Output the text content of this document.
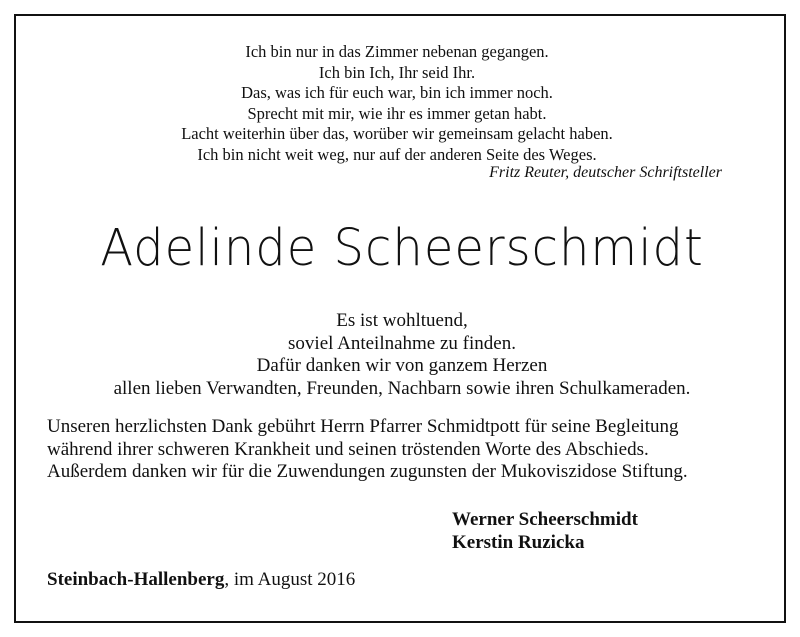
Ich bin nur in das Zimmer nebenan gegangen.
Ich bin Ich, Ihr seid Ihr.
Das, was ich für euch war, bin ich immer noch.
Sprecht mit mir, wie ihr es immer getan habt.
Lacht weiterhin über das, worüber wir gemeinsam gelacht haben.
Ich bin nicht weit weg, nur auf der anderen Seite des Weges.
Fritz Reuter, deutscher Schriftsteller
Adelinde Scheerschmidt
Es ist wohltuend,
soviel Anteilnahme zu finden.
Dafür danken wir von ganzem Herzen
allen lieben Verwandten, Freunden, Nachbarn sowie ihren Schulkameraden.
Unseren herzlichsten Dank gebührt Herrn Pfarrer Schmidtpott für seine Begleitung
während ihrer schweren Krankheit und seinen tröstenden Worte des Abschieds.
Außerdem danken wir für die Zuwendungen zugunsten der Mukoviszidose Stiftung.
Werner Scheerschmidt
Kerstin Ruzicka
Steinbach-Hallenberg, im August 2016
